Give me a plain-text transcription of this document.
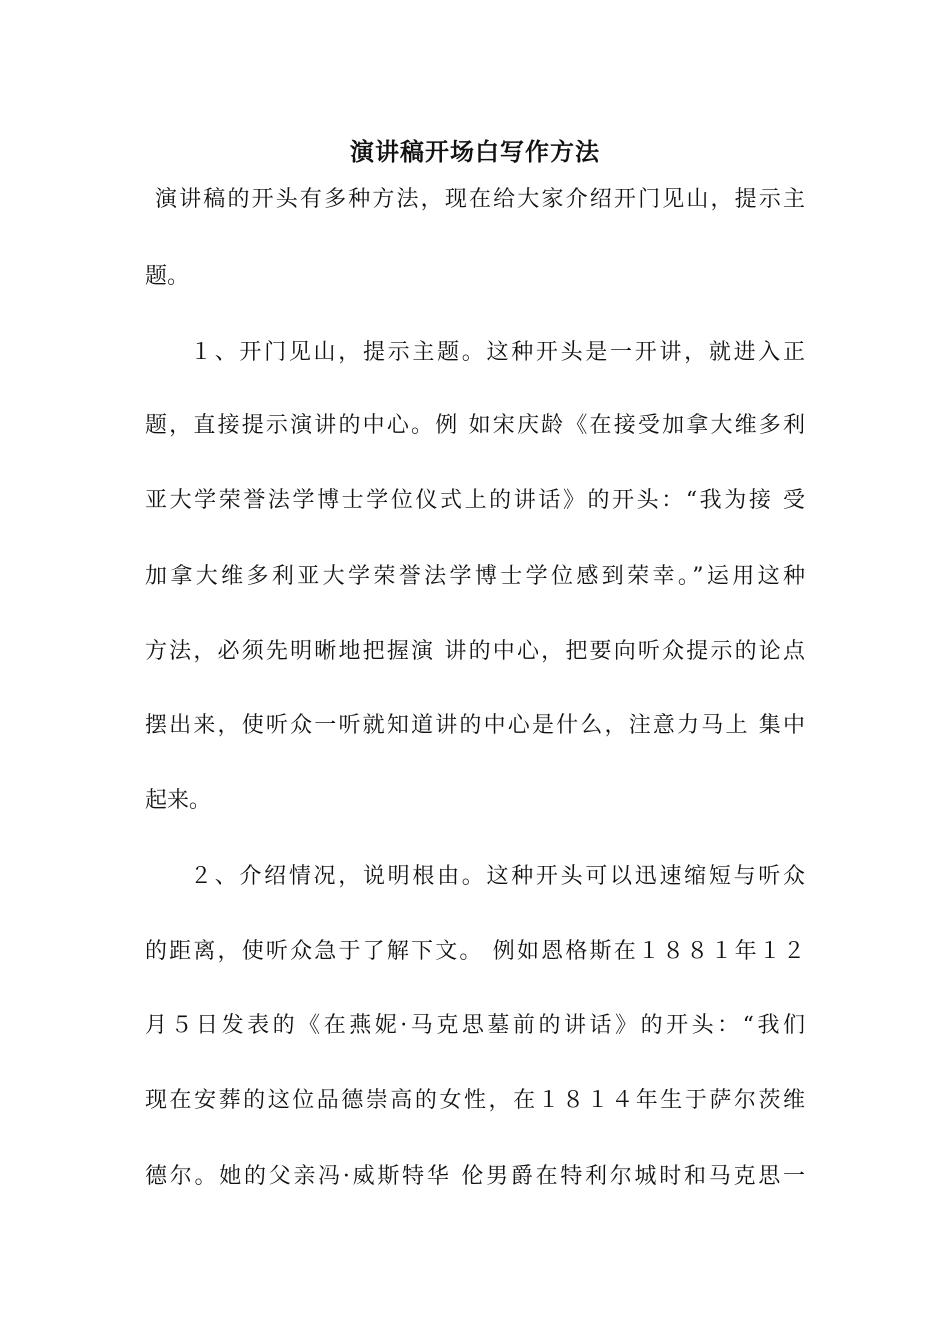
演讲稿开场白写作方法
演讲稿的开头有多种方法，现在给大家介绍开门见山，提示主
题。
１、开门见山，提示主题。这种开头是一开讲，就进入正
题，直接提示演讲的中心。例 如宋庆龄《在接受加拿大维多利
亚大学荣誉法学博士学位仪式上的讲话》的开头：“我为接 受
加拿大维多利亚大学荣誉法学博士学位感到荣幸。”运用这种
方法，必须先明晰地把握演 讲的中心，把要向听众提示的论点
摆出来，使听众一听就知道讲的中心是什么，注意力马上 集中
起来。
２、介绍情况，说明根由。这种开头可以迅速缩短与听众
的距离，使听众急于了解下文。 例如恩格斯在１８８１年１２
月５日发表的《在燕妮·马克思墓前的讲话》的开头：“我们
现在安葬的这位品德崇高的女性，在１８１４年生于萨尔茨维
德尔。她的父亲冯·威斯特华 伦男爵在特利尔城时和马克思一
